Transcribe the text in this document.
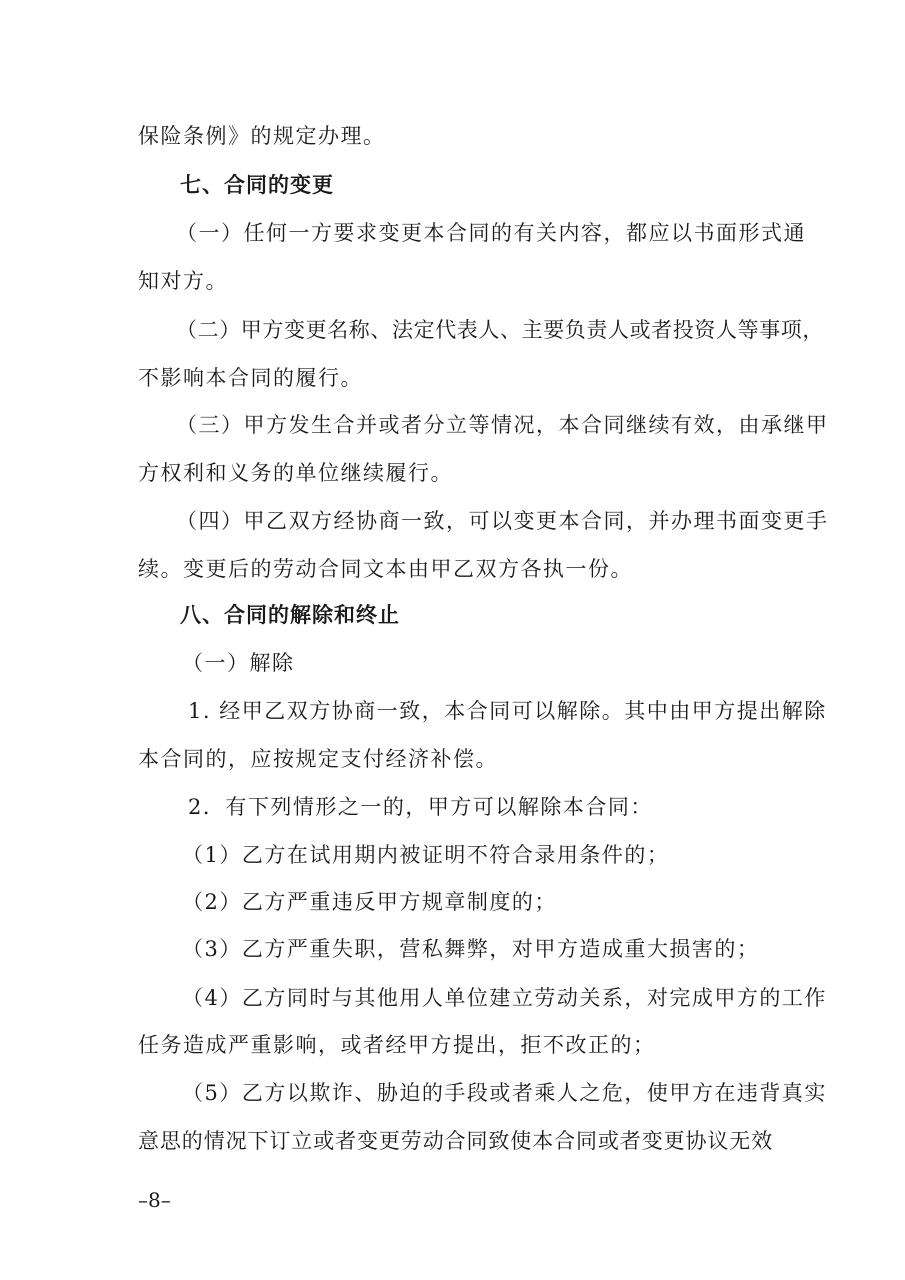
保险条例》的规定办理。
七、合同的变更
（一）任何一方要求变更本合同的有关内容，都应以书面形式通
知对方。
（二）甲方变更名称、法定代表人、主要负责人或者投资人等事项，
不影响本合同的履行。
（三）甲方发生合并或者分立等情况，本合同继续有效，由承继甲
方权利和义务的单位继续履行。
（四）甲乙双方经协商一致，可以变更本合同，并办理书面变更手
续。变更后的劳动合同文本由甲乙双方各执一份。
八、合同的解除和终止
（一）解除
1. 经甲乙双方协商一致，本合同可以解除。其中由甲方提出解除
本合同的，应按规定支付经济补偿。
2．有下列情形之一的，甲方可以解除本合同：
（1）乙方在试用期内被证明不符合录用条件的；
（2）乙方严重违反甲方规章制度的；
（3）乙方严重失职，营私舞弊，对甲方造成重大损害的；
（4）乙方同时与其他用人单位建立劳动关系，对完成甲方的工作
任务造成严重影响，或者经甲方提出，拒不改正的；
（5）乙方以欺诈、胁迫的手段或者乘人之危，使甲方在违背真实
意思的情况下订立或者变更劳动合同致使本合同或者变更协议无效
–8–
